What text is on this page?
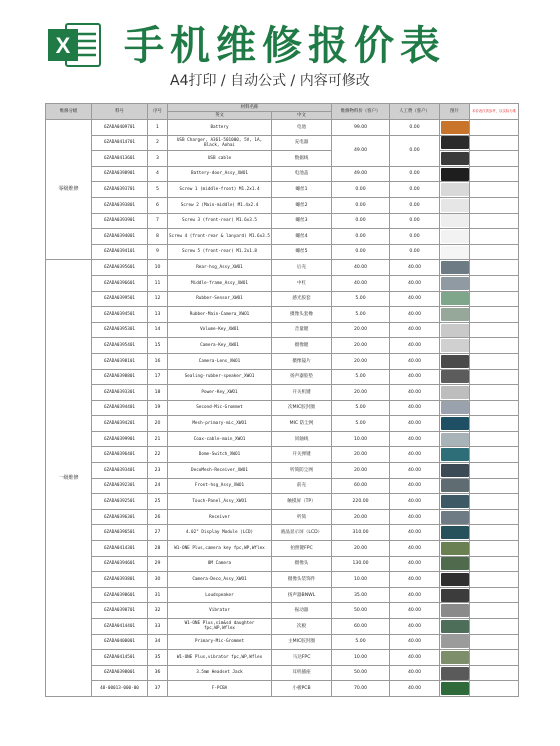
X 手机维修报价表
A4打印 / 自动公式 / 内容可修改
维修分级	料号	序号	材料名称		维修物料价（客户）	人工费（客户）	图片	本价表仅供参考，以实际为准
			英文	中文				
零级维修	6ZADA0409701	1	Battery	电池	99.00	0.00	

	6ZADA0414701	2	USB Charger, A361-501000, 5V, 1A, Black, Aohai	充电器	49.00	0.00	

	6ZADA0413601	3	USB cable	数据线			

	6ZADA0398901	4	Battery-door_Assy_XWO1	电池盖	49.00	0.00	

	6ZADA0393701	5	Screw 1 (middle-front) M1.2x1.4	螺丝1	0.00	0.00	

	6ZADA0393801	6	Screw 2 (Main-middle) M1.4x2.4	螺丝2	0.00	0.00	

	6ZADA0393901	7	Screw 3 (front-rear) M1.6x3.5	螺丝3	0.00	0.00	

	6ZADA0394001	8	Screw 4 (front-rear & lanyard) M1.6x3.5	螺丝4	0.00	0.00	

	6ZADA0394101	9	Screw 5 (front-rear) M1.2x1.8	螺丝5	0.00	0.00	

一级维修	6ZADA0395601	10	Rear-hsg_Assy_XWO1	后壳	40.00	40.00	

	6ZADA0396601	11	Middle-frame_Assy_XWO1	中杠	40.00	40.00	

	6ZADA0399501	12	Rubber-Sensor_XWO1	感光胶套	5.00	40.00	

	6ZADA0394501	13	Rubber-Main-Camera_XWO1	摄像头套橡	5.00	40.00	

	6ZADA0395301	14	Volume-Key_XWO1	音量键	20.00	40.00	

	6ZADA0395401	15	Camera-Key_XWO1	摄像键	20.00	40.00	

	6ZADA0398101	16	Camera-Lens_XWO1	摄像镜片	20.00	40.00	

	6ZADA0398801	17	Sealing-rubber-speaker_XWO1	扬声器胶垫	5.00	40.00	

	6ZADA0393301	18	Power-Key_XWO1	开关机键	20.00	40.00	

	6ZADA0394401	19	Second-Mic-Grommet	次MIC胶封圈	5.00	40.00	

	6ZADA0394201	20	Mesh-primary-mic_XWO1	MIC 防尘网	5.00	40.00	

	6ZADA0399901	21	Coax-cable-main_XWO1	同轴线	10.00	40.00	

	6ZADA0396401	22	Dome-Switch_XWO1	开关弹键	20.00	40.00	

	6ZADA0393401	23	DecoMesh-Receiver_XWO1	听筒防尘网	20.00	40.00	

	6ZADA0392301	24	Front-hsg_Assy_XWO1	前壳	60.00	40.00	

	6ZADA0392501	25	Touch-Panel_Assy_XWO1	触摸屏（TP）	220.00	40.00	

	6ZADA0396301	26	Receiver	听筒	20.00	40.00	

	6ZADA0396501	27	4.02" Display Module (LCD)	液晶显示屏（LCD）	310.00	40.00	

	6ZADA0414301	28	W1-ONE Plus,camera key fpc,WP,Wflex	拍照键FPC	20.00	40.00	

	6ZADA0394601	29	8M Camera	摄像头	130.00	40.00	

	6ZADA0393801	30	Camera-Deco_Assy_XWO1	摄像头装饰件	10.00	40.00	

	6ZADA0398601	31	Loudspeaker	扬声器BNWL	35.00	40.00	

	6ZADA0398701	32	Vibrator	振动器	50.00	40.00	

	6ZADA0414401	33	W1-ONE Plus,sim&sd daughter fpc,WP,Wflex	次板	60.00	40.00	

	6ZADA0400001	34	Primary-Mic-Grommet	主MIC胶封圈	5.00	40.00	

	6ZADA0414501	35	W1-ONE Plus,vibrator fpc,WP,Wflex	马达FPC	10.00	40.00	

	6ZADA0398001	36	3.5mm Headset Jack	耳机插座	50.00	40.00	

	48-00013-000-00	37	F-PCBA	小板PCB	70.00	40.00	
